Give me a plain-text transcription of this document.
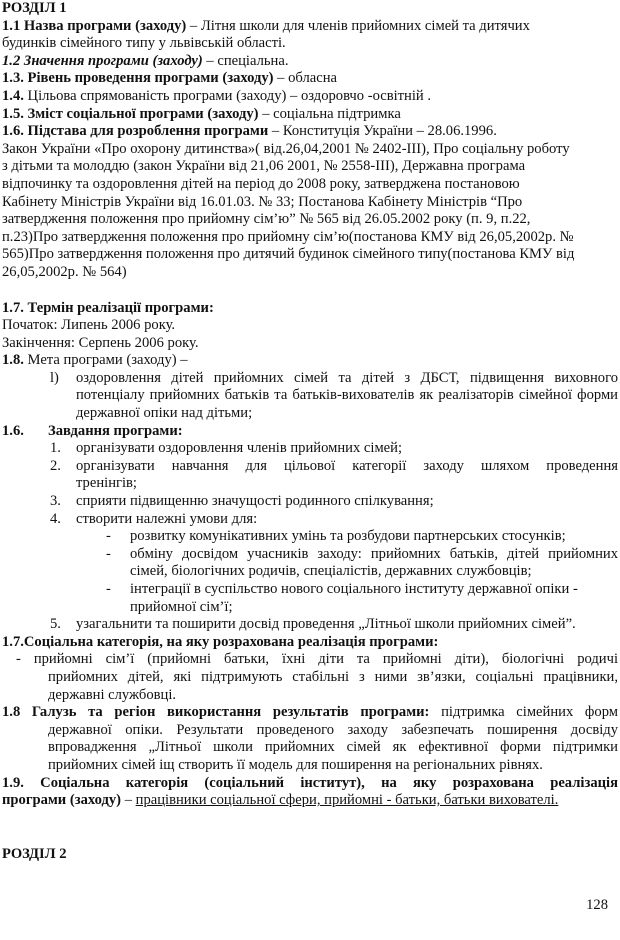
РОЗДІЛ 1
1.1 Назва програми (заходу) – Літня школи для членів прийомних сімей та дитячих
будинків сімейного типу у львівській області.
1.2 Значення програми (заходу) – спеціальна.
1.3. Рівень проведення програми (заходу) – обласна
1.4. Цільова спрямованість програми (заходу) – оздоровчо -освітній .
1.5. Зміст соціальної програми (заходу) – соціальна підтримка
1.6. Підстава для розроблення програми – Конституція України – 28.06.1996.
Закон України «Про охорону дитинства»( від.26,04,2001 № 2402-ІІІ), Про соціальну роботу
з дітьми та молоддю (закон України від 21,06 2001, № 2558-ІІІ), Державна програма
відпочинку та оздоровлення дітей на період до 2008 року, затверджена постановою
Кабінету Міністрів України від 16.01.03. № 33; Постанова Кабінету Міністрів “Про
затвердження положення про прийомну сім’ю” № 565 від 26.05.2002 року (п. 9, п.22,
п.23)Про затвердження положення про прийомну сім’ю(постанова КМУ від 26,05,2002р. №
565)Про затвердження положення про дитячий будинок сімейного типу(постанова КМУ від
26,05,2002р. № 564)
1.7. Термін реалізації програми:
Початок: Липень 2006 року.
Закінчення: Серпень 2006 року.
1.8. Мета програми (заходу) –
l) оздоровлення дітей прийомних сімей та дітей з ДБСТ, підвищення виховного
потенціалу прийомних батьків та батьків-вихователів як реалізаторів сімейної форми
державної опіки над дітьми;
1.6. Завдання програми:
1. організувати оздоровлення членів прийомних сімей;
2. організувати навчання для цільової категорії заходу шляхом проведення
тренінгів;
3. сприяти підвищенню значущості родинного спілкування;
4. створити належні умови для:
- розвитку комунікативних умінь та розбудови партнерських стосунків;
- обміну досвідом учасників заходу: прийомних батьків, дітей прийомних
сімей, біологічних родичів, спеціалістів, державних службовців;
- інтеграції в суспільство нового соціального інституту державної опіки -
прийомної сім’ї;
5. узагальнити та поширити досвід проведення „Літньої школи прийомних сімей”.
1.7.Соціальна категорія, на яку розрахована реалізація програми:
- прийомні сім’ї (прийомні батьки, їхні діти та прийомні діти), біологічні родичі
прийомних дітей, які підтримують стабільні з ними зв’язки, соціальні працівники,
державні службовці.
1.8 Галузь та регіон використання результатів програми: підтримка сімейних форм
державної опіки. Результати проведеного заходу забезпечать поширення досвіду
впровадження „Літньої школи прийомних сімей як ефективної форми підтримки
прийомних сімей іщ створить її модель для поширення на регіональних рівнях.
1.9. Соціальна категорія (соціальний інститут), на яку розрахована реалізація
програми (заходу) – працівники соціальної сфери, прийомні - батьки, батьки вихователі.
РОЗДІЛ 2
128
